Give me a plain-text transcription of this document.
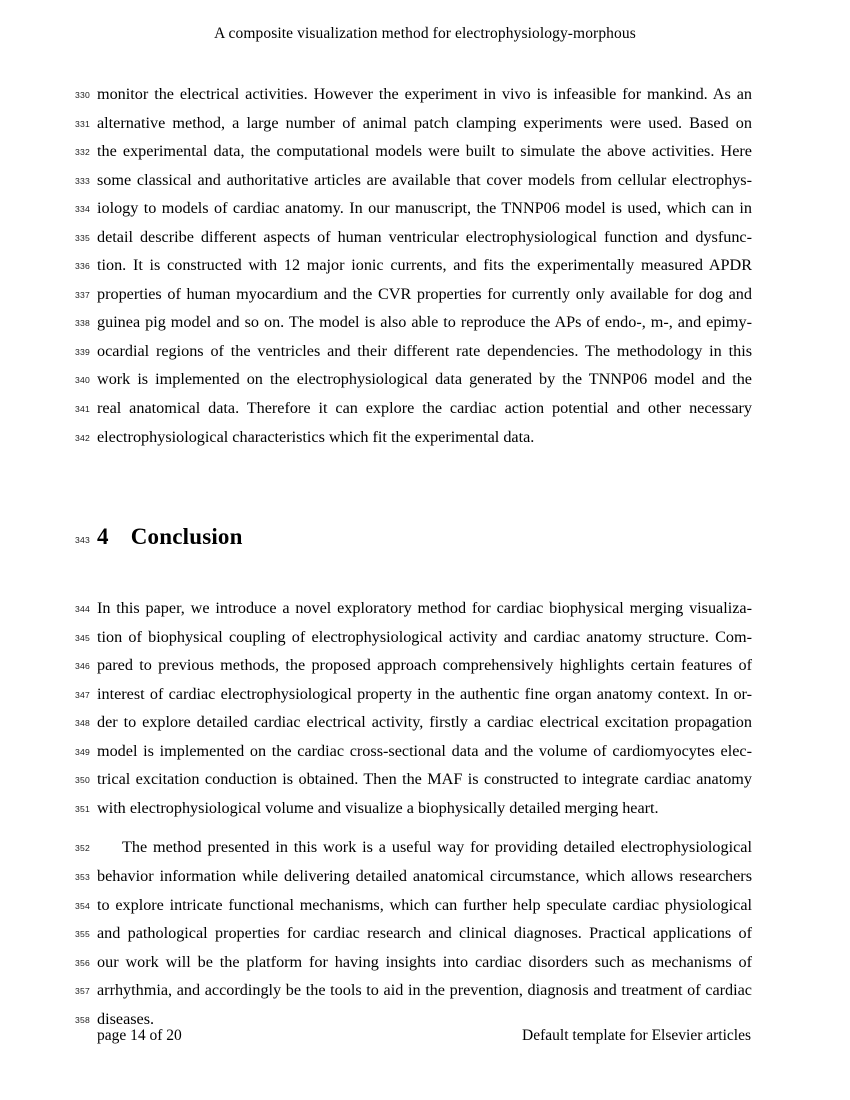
A composite visualization method for electrophysiology-morphous
330 monitor the electrical activities. However the experiment in vivo is infeasible for mankind. As an
331 alternative method, a large number of animal patch clamping experiments were used. Based on
332 the experimental data, the computational models were built to simulate the above activities. Here
333 some classical and authoritative articles are available that cover models from cellular electrophys-
334 iology to models of cardiac anatomy. In our manuscript, the TNNP06 model is used, which can in
335 detail describe different aspects of human ventricular electrophysiological function and dysfunc-
336 tion. It is constructed with 12 major ionic currents, and fits the experimentally measured APDR
337 properties of human myocardium and the CVR properties for currently only available for dog and
338 guinea pig model and so on. The model is also able to reproduce the APs of endo-, m-, and epimy-
339 ocardial regions of the ventricles and their different rate dependencies. The methodology in this
340 work is implemented on the electrophysiological data generated by the TNNP06 model and the
341 real anatomical data. Therefore it can explore the cardiac action potential and other necessary
342 electrophysiological characteristics which fit the experimental data.
343 4 Conclusion
344 In this paper, we introduce a novel exploratory method for cardiac biophysical merging visualiza-
345 tion of biophysical coupling of electrophysiological activity and cardiac anatomy structure. Com-
346 pared to previous methods, the proposed approach comprehensively highlights certain features of
347 interest of cardiac electrophysiological property in the authentic fine organ anatomy context. In or-
348 der to explore detailed cardiac electrical activity, firstly a cardiac electrical excitation propagation
349 model is implemented on the cardiac cross-sectional data and the volume of cardiomyocytes elec-
350 trical excitation conduction is obtained. Then the MAF is constructed to integrate cardiac anatomy
351 with electrophysiological volume and visualize a biophysically detailed merging heart.
352	The method presented in this work is a useful way for providing detailed electrophysiological
353 behavior information while delivering detailed anatomical circumstance, which allows researchers
354 to explore intricate functional mechanisms, which can further help speculate cardiac physiological
355 and pathological properties for cardiac research and clinical diagnoses. Practical applications of
356 our work will be the platform for having insights into cardiac disorders such as mechanisms of
357 arrhythmia, and accordingly be the tools to aid in the prevention, diagnosis and treatment of cardiac
358 diseases.
page 14 of 20	Default template for Elsevier articles
